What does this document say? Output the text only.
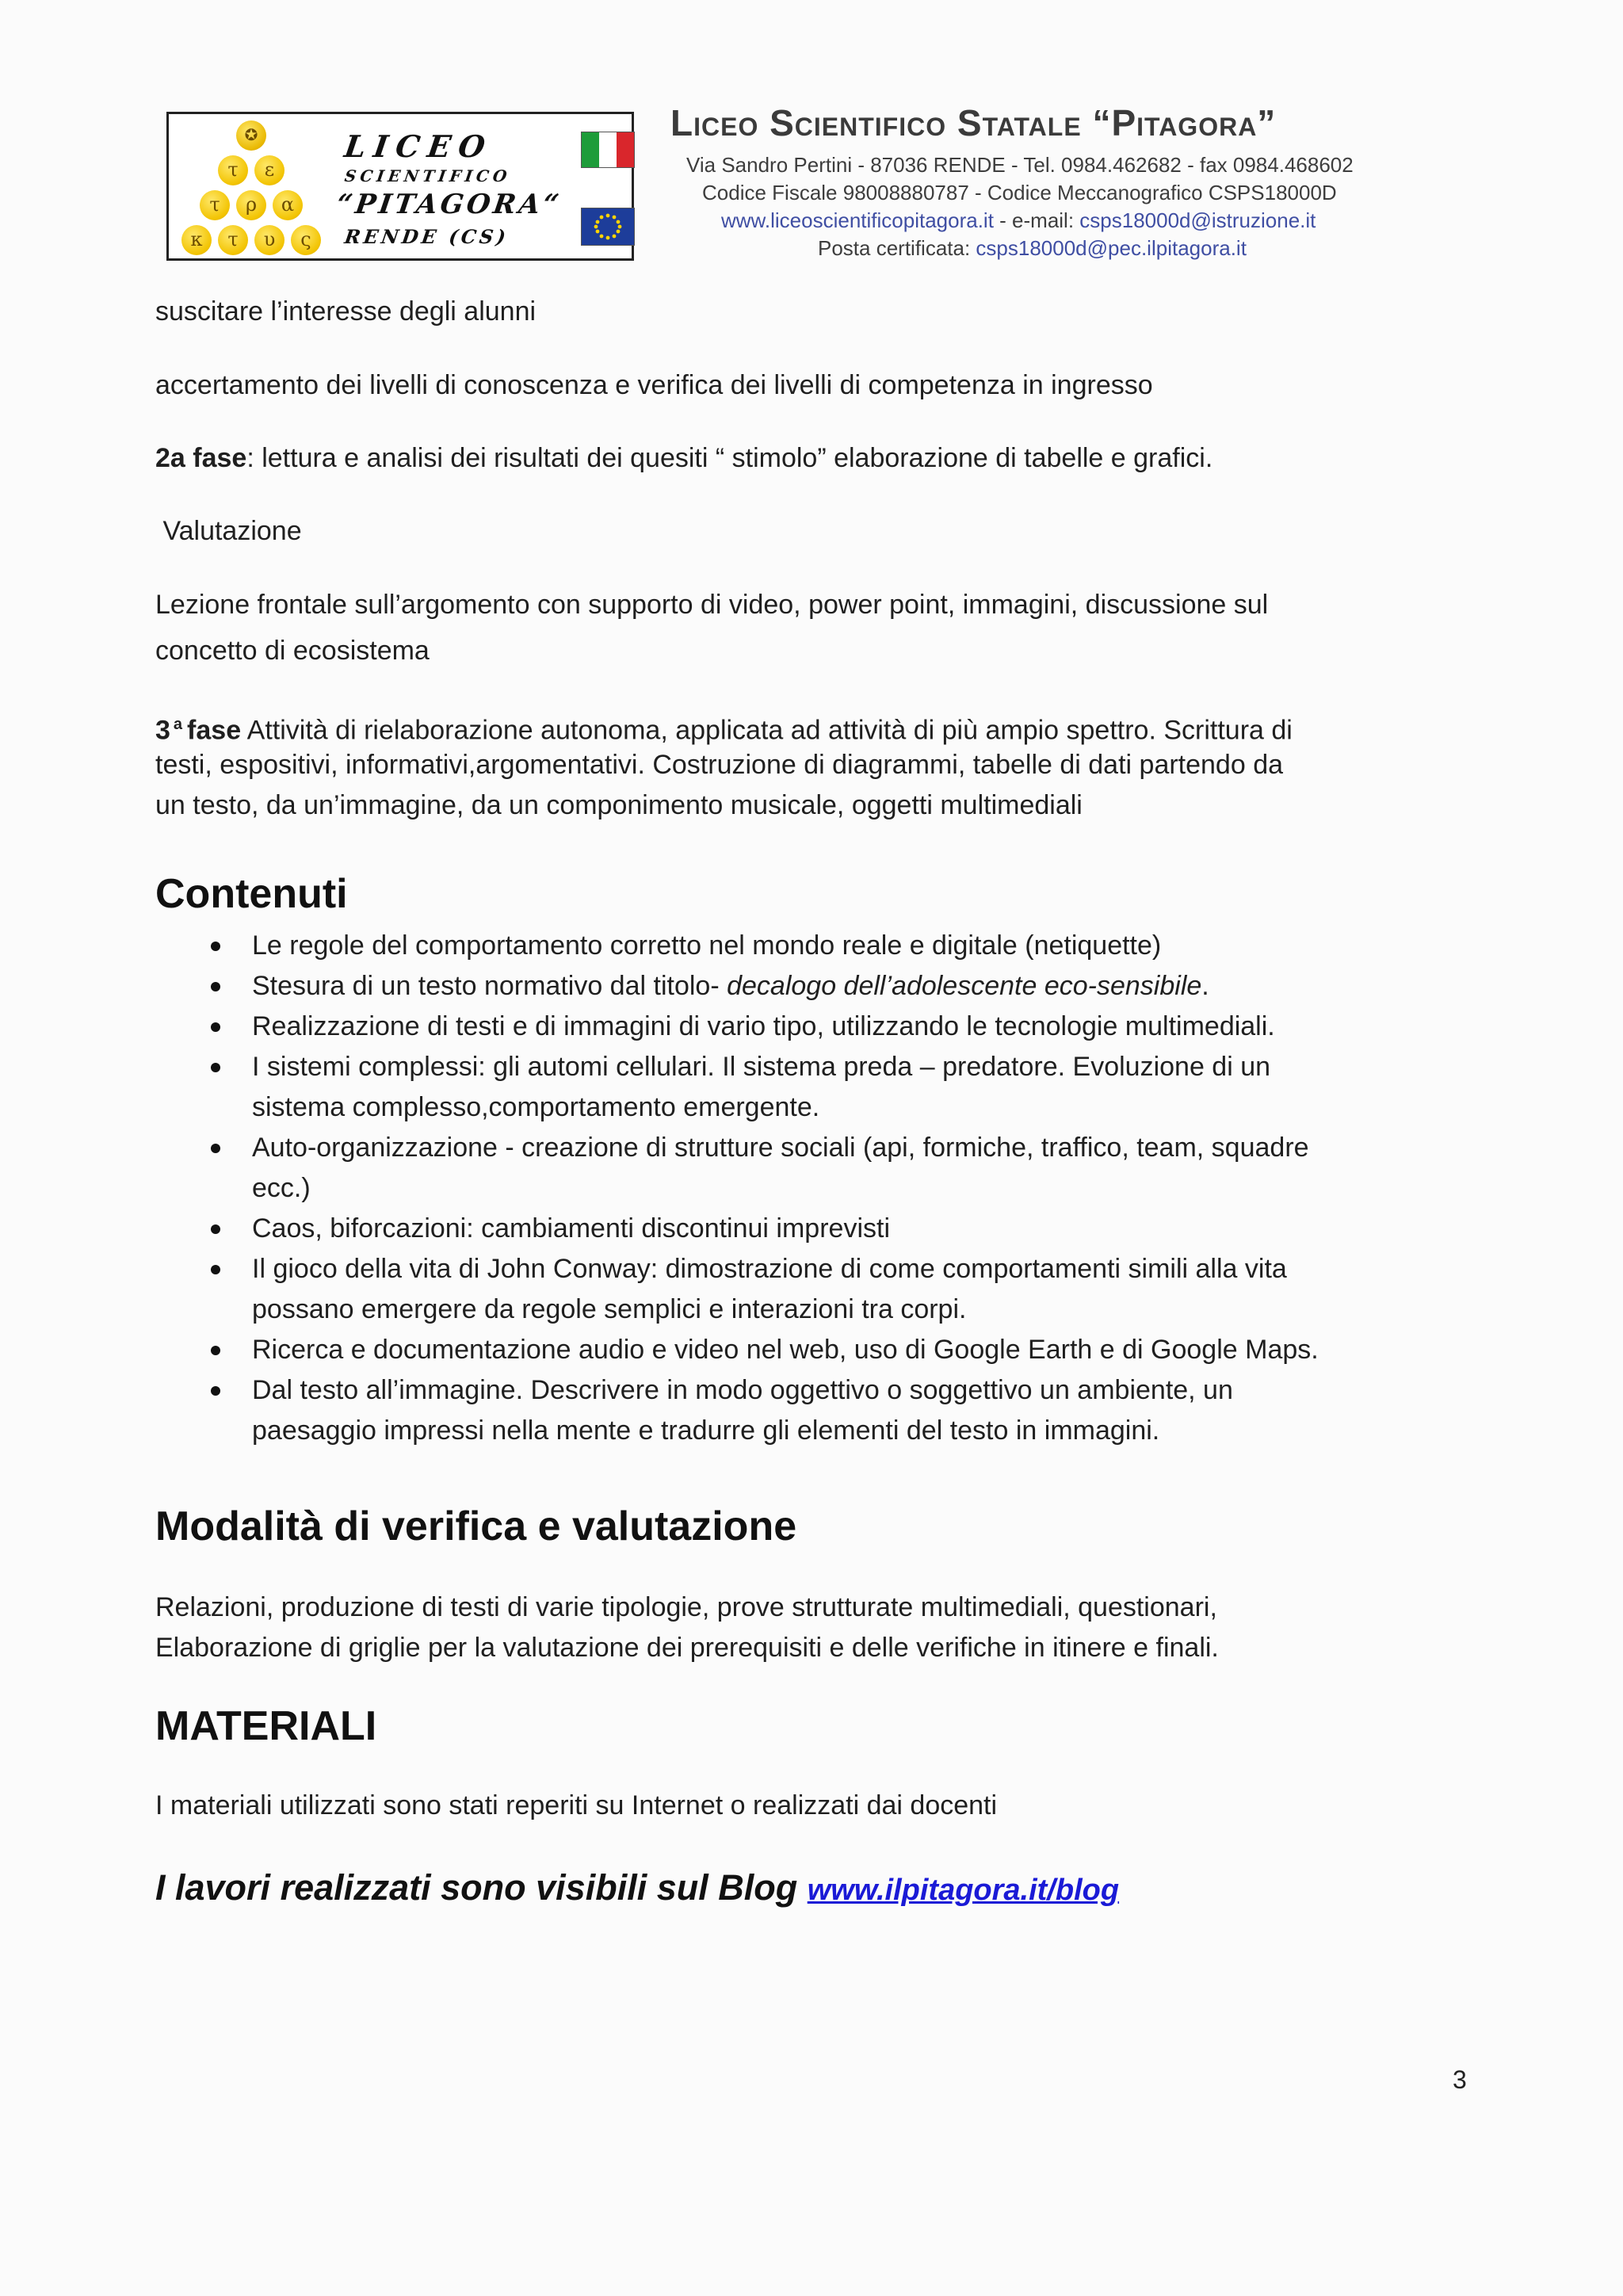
✪
τ	ε
τ	ρ	α
κ	τ	υ	ς
LICEO
SCIENTIFICO
“PITAGORA“
RENDE (CS)
Liceo Scientifico Statale “Pitagora”
Via Sandro Pertini - 87036 RENDE - Tel. 0984.462682 - fax 0984.468602
Codice Fiscale 98008880787 - Codice Meccanografico CSPS18000D
www.liceoscientificopitagora.it - e-mail: csps18000d@istruzione.it
Posta certificata: csps18000d@pec.ilpitagora.it
suscitare l’interesse degli alunni
accertamento dei livelli di conoscenza e verifica dei livelli di competenza in ingresso
2a fase: lettura e analisi dei risultati dei quesiti “ stimolo” elaborazione di tabelle e grafici.
Valutazione
Lezione frontale sull’argomento con supporto di video, power point, immagini, discussione sul
concetto di ecosistema
3 $^a$ fase Attività di rielaborazione autonoma, applicata ad attività di più ampio spettro. Scrittura di
testi, espositivi, informativi,argomentativi. Costruzione di diagrammi, tabelle di dati partendo da
un testo, da un’immagine, da un componimento musicale, oggetti multimediali
Contenuti
Le regole del comportamento corretto nel mondo reale e digitale (netiquette)
Stesura di un testo normativo dal titolo- decalogo dell’adolescente eco-sensibile.
Realizzazione di testi e di immagini di vario tipo, utilizzando le tecnologie multimediali.
I sistemi complessi: gli automi cellulari. Il sistema preda – predatore. Evoluzione di un
sistema complesso,comportamento emergente.
Auto-organizzazione - creazione di strutture sociali (api, formiche, traffico, team, squadre
ecc.)
Caos, biforcazioni: cambiamenti discontinui imprevisti
Il gioco della vita di John Conway: dimostrazione di come comportamenti simili alla vita
possano emergere da regole semplici e interazioni tra corpi.
Ricerca e documentazione audio e video nel web, uso di Google Earth e di Google Maps.
Dal testo all’immagine. Descrivere in modo oggettivo o soggettivo un ambiente, un
paesaggio impressi nella mente e tradurre gli elementi del testo in immagini.
Modalità di verifica e valutazione
Relazioni, produzione di testi di varie tipologie, prove strutturate multimediali, questionari,
Elaborazione di griglie per la valutazione dei prerequisiti e delle verifiche in itinere e finali.
MATERIALI
I materiali utilizzati sono stati reperiti su Internet o realizzati dai docenti
I lavori realizzati sono visibili sul Blog www.ilpitagora.it/blog
3
